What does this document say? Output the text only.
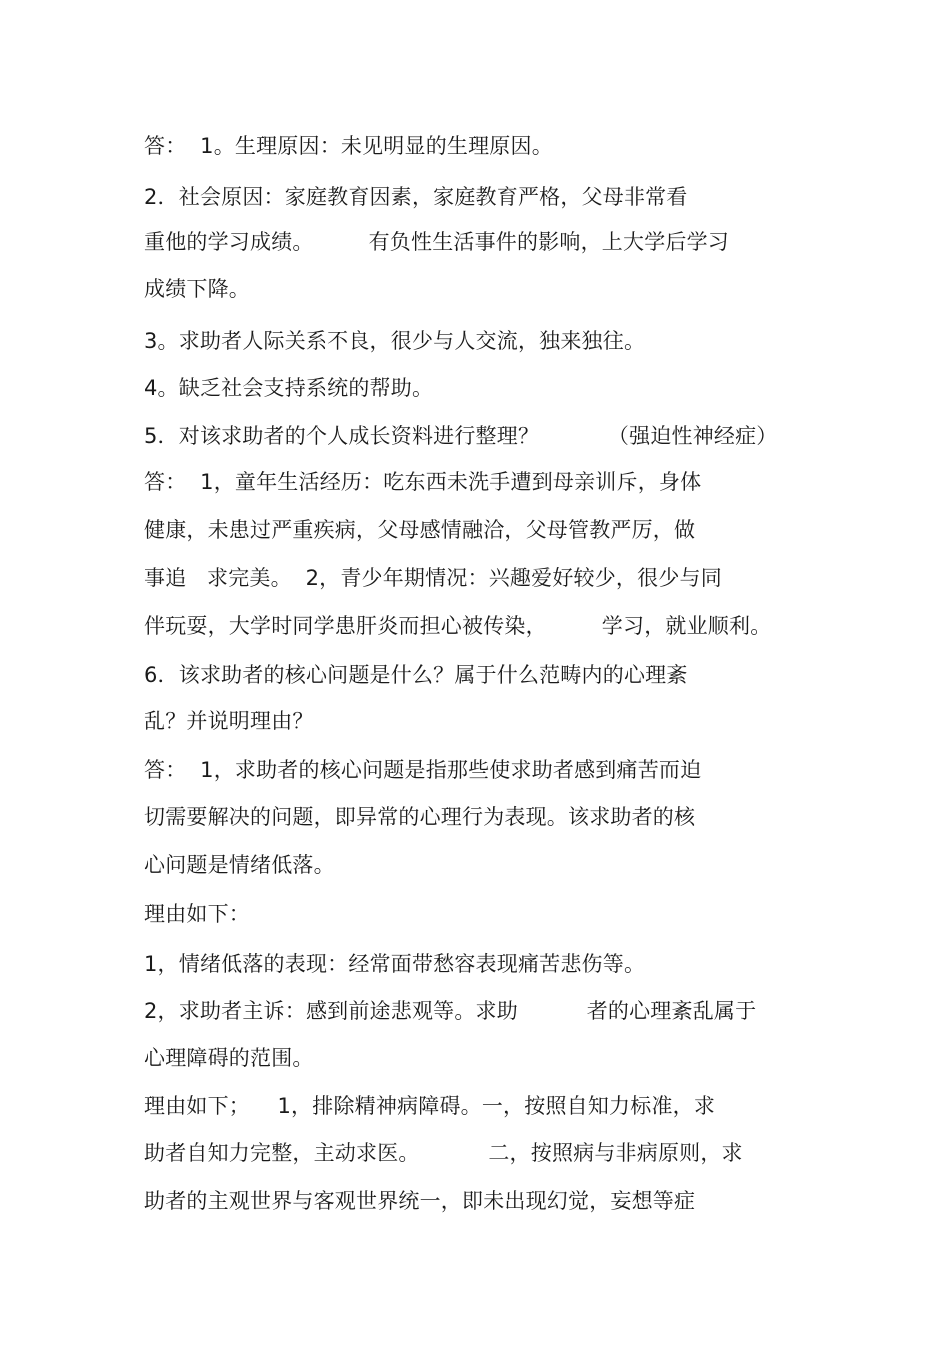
答：  1。生理原因：未见明显的生理原因。
2．社会原因：家庭教育因素，家庭教育严格，父母非常看
重他的学习成绩。        有负性生活事件的影响，上大学后学习
成绩下降。
3。求助者人际关系不良，很少与人交流，独来独往。
4。缺乏社会支持系统的帮助。
5．对该求助者的个人成长资料进行整理？          （强迫性神经症）
答：  1，童年生活经历：吃东西未洗手遭到母亲训斥，身体
健康，未患过严重疾病，父母感情融洽，父母管教严厉，做
事追   求完美。  2，青少年期情况：兴趣爱好较少，很少与同
伴玩耍，大学时同学患肝炎而担心被传染，        学习，就业顺利。
6．该求助者的核心问题是什么？属于什么范畴内的心理紊
乱？并说明理由？
答：  1，求助者的核心问题是指那些使求助者感到痛苦而迫
切需要解决的问题，即异常的心理行为表现。该求助者的核
心问题是情绪低落。
理由如下：
1，情绪低落的表现：经常面带愁容表现痛苦悲伤等。
2，求助者主诉：感到前途悲观等。求助          者的心理紊乱属于
心理障碍的范围。
理由如下；    1，排除精神病障碍。一，按照自知力标准，求
助者自知力完整，主动求医。          二，按照病与非病原则，求
助者的主观世界与客观世界统一，即未出现幻觉，妄想等症
